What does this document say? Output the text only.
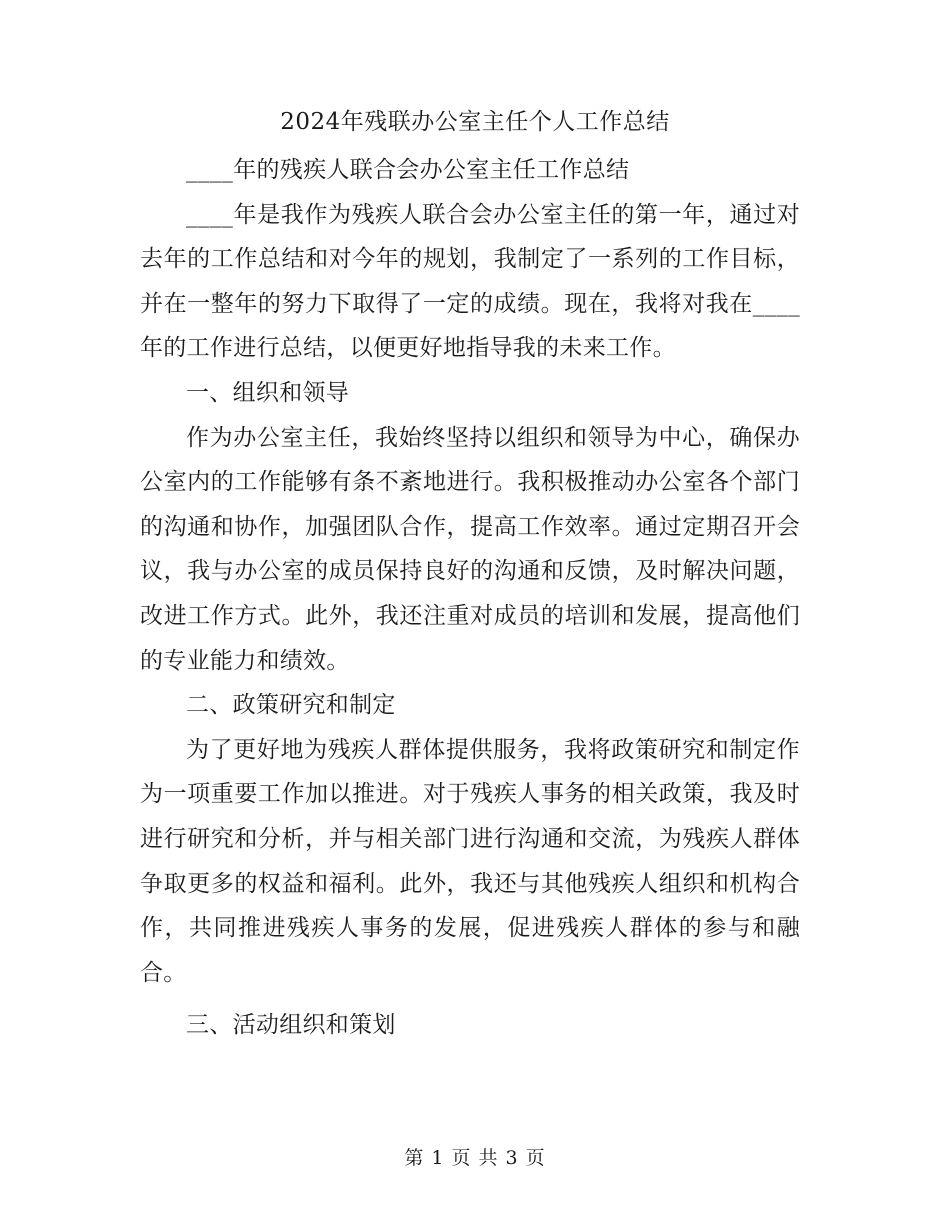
2024年残联办公室主任个人工作总结

____年的残疾人联合会办公室主任工作总结

____年是我作为残疾人联合会办公室主任的第一年，通过对去年的工作总结和对今年的规划，我制定了一系列的工作目标，并在一整年的努力下取得了一定的成绩。现在，我将对我在____年的工作进行总结，以便更好地指导我的未来工作。

一、组织和领导

作为办公室主任，我始终坚持以组织和领导为中心，确保办公室内的工作能够有条不紊地进行。我积极推动办公室各个部门的沟通和协作，加强团队合作，提高工作效率。通过定期召开会议，我与办公室的成员保持良好的沟通和反馈，及时解决问题，改进工作方式。此外，我还注重对成员的培训和发展，提高他们的专业能力和绩效。

二、政策研究和制定

为了更好地为残疾人群体提供服务，我将政策研究和制定作为一项重要工作加以推进。对于残疾人事务的相关政策，我及时进行研究和分析，并与相关部门进行沟通和交流，为残疾人群体争取更多的权益和福利。此外，我还与其他残疾人组织和机构合作，共同推进残疾人事务的发展，促进残疾人群体的参与和融合。

三、活动组织和策划

第 1 页 共 3 页
